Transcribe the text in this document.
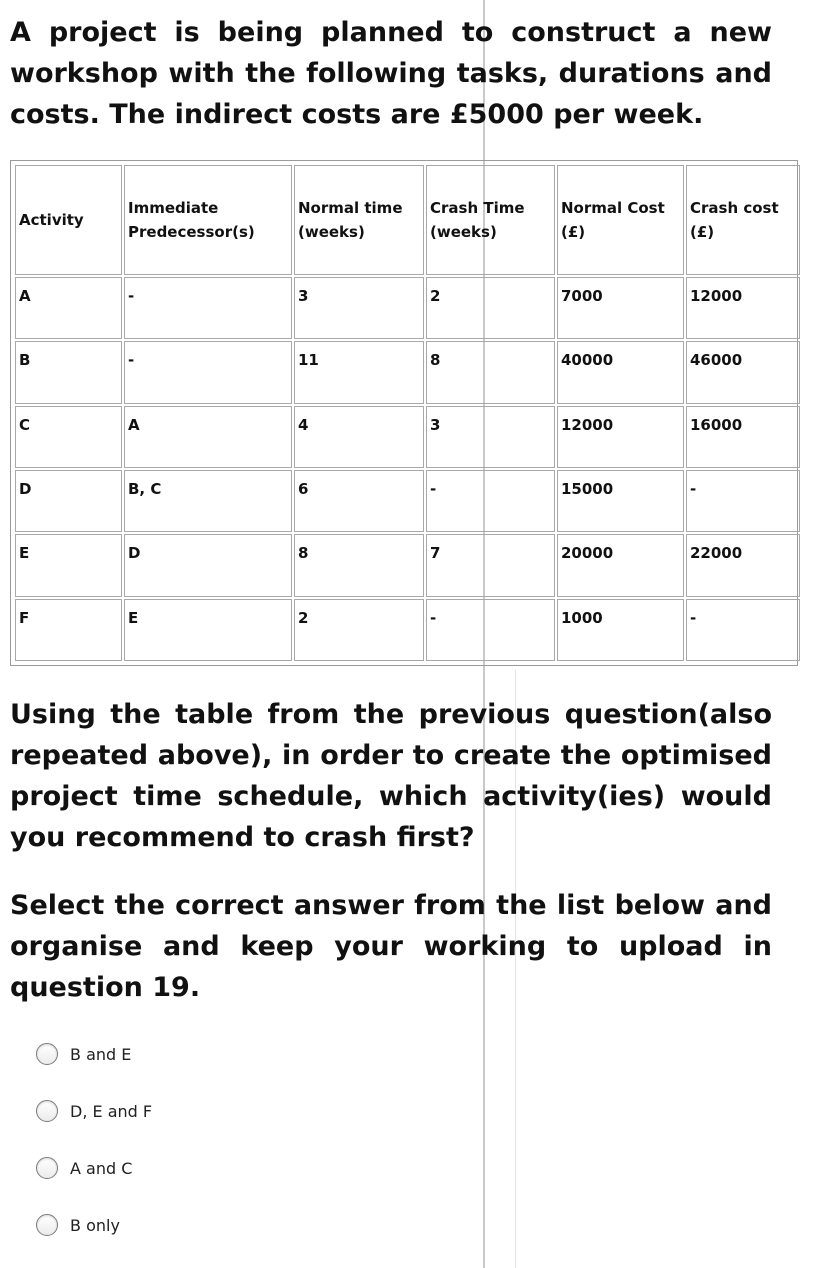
A project is being planned to construct a new workshop with the following tasks, durations and costs. The indirect costs are £5000 per week.
Activity	Immediate Predecessor(s)	Normal time (weeks)	Crash Time (weeks)	Normal Cost (£)	Crash cost (£)
A	-	3	2	7000	12000
B	-	11	8	40000	46000
C	A	4	3	12000	16000
D	B, C	6	-	15000	-
E	D	8	7	20000	22000
F	E	2	-	1000	-
Using the table from the previous question(also repeated above), in order to create the optimised project time schedule, which activity(ies) would you recommend to crash first?
Select the correct answer from the list below and organise and keep your working to upload in question 19.
B and E
D, E and F
A and C
B only
